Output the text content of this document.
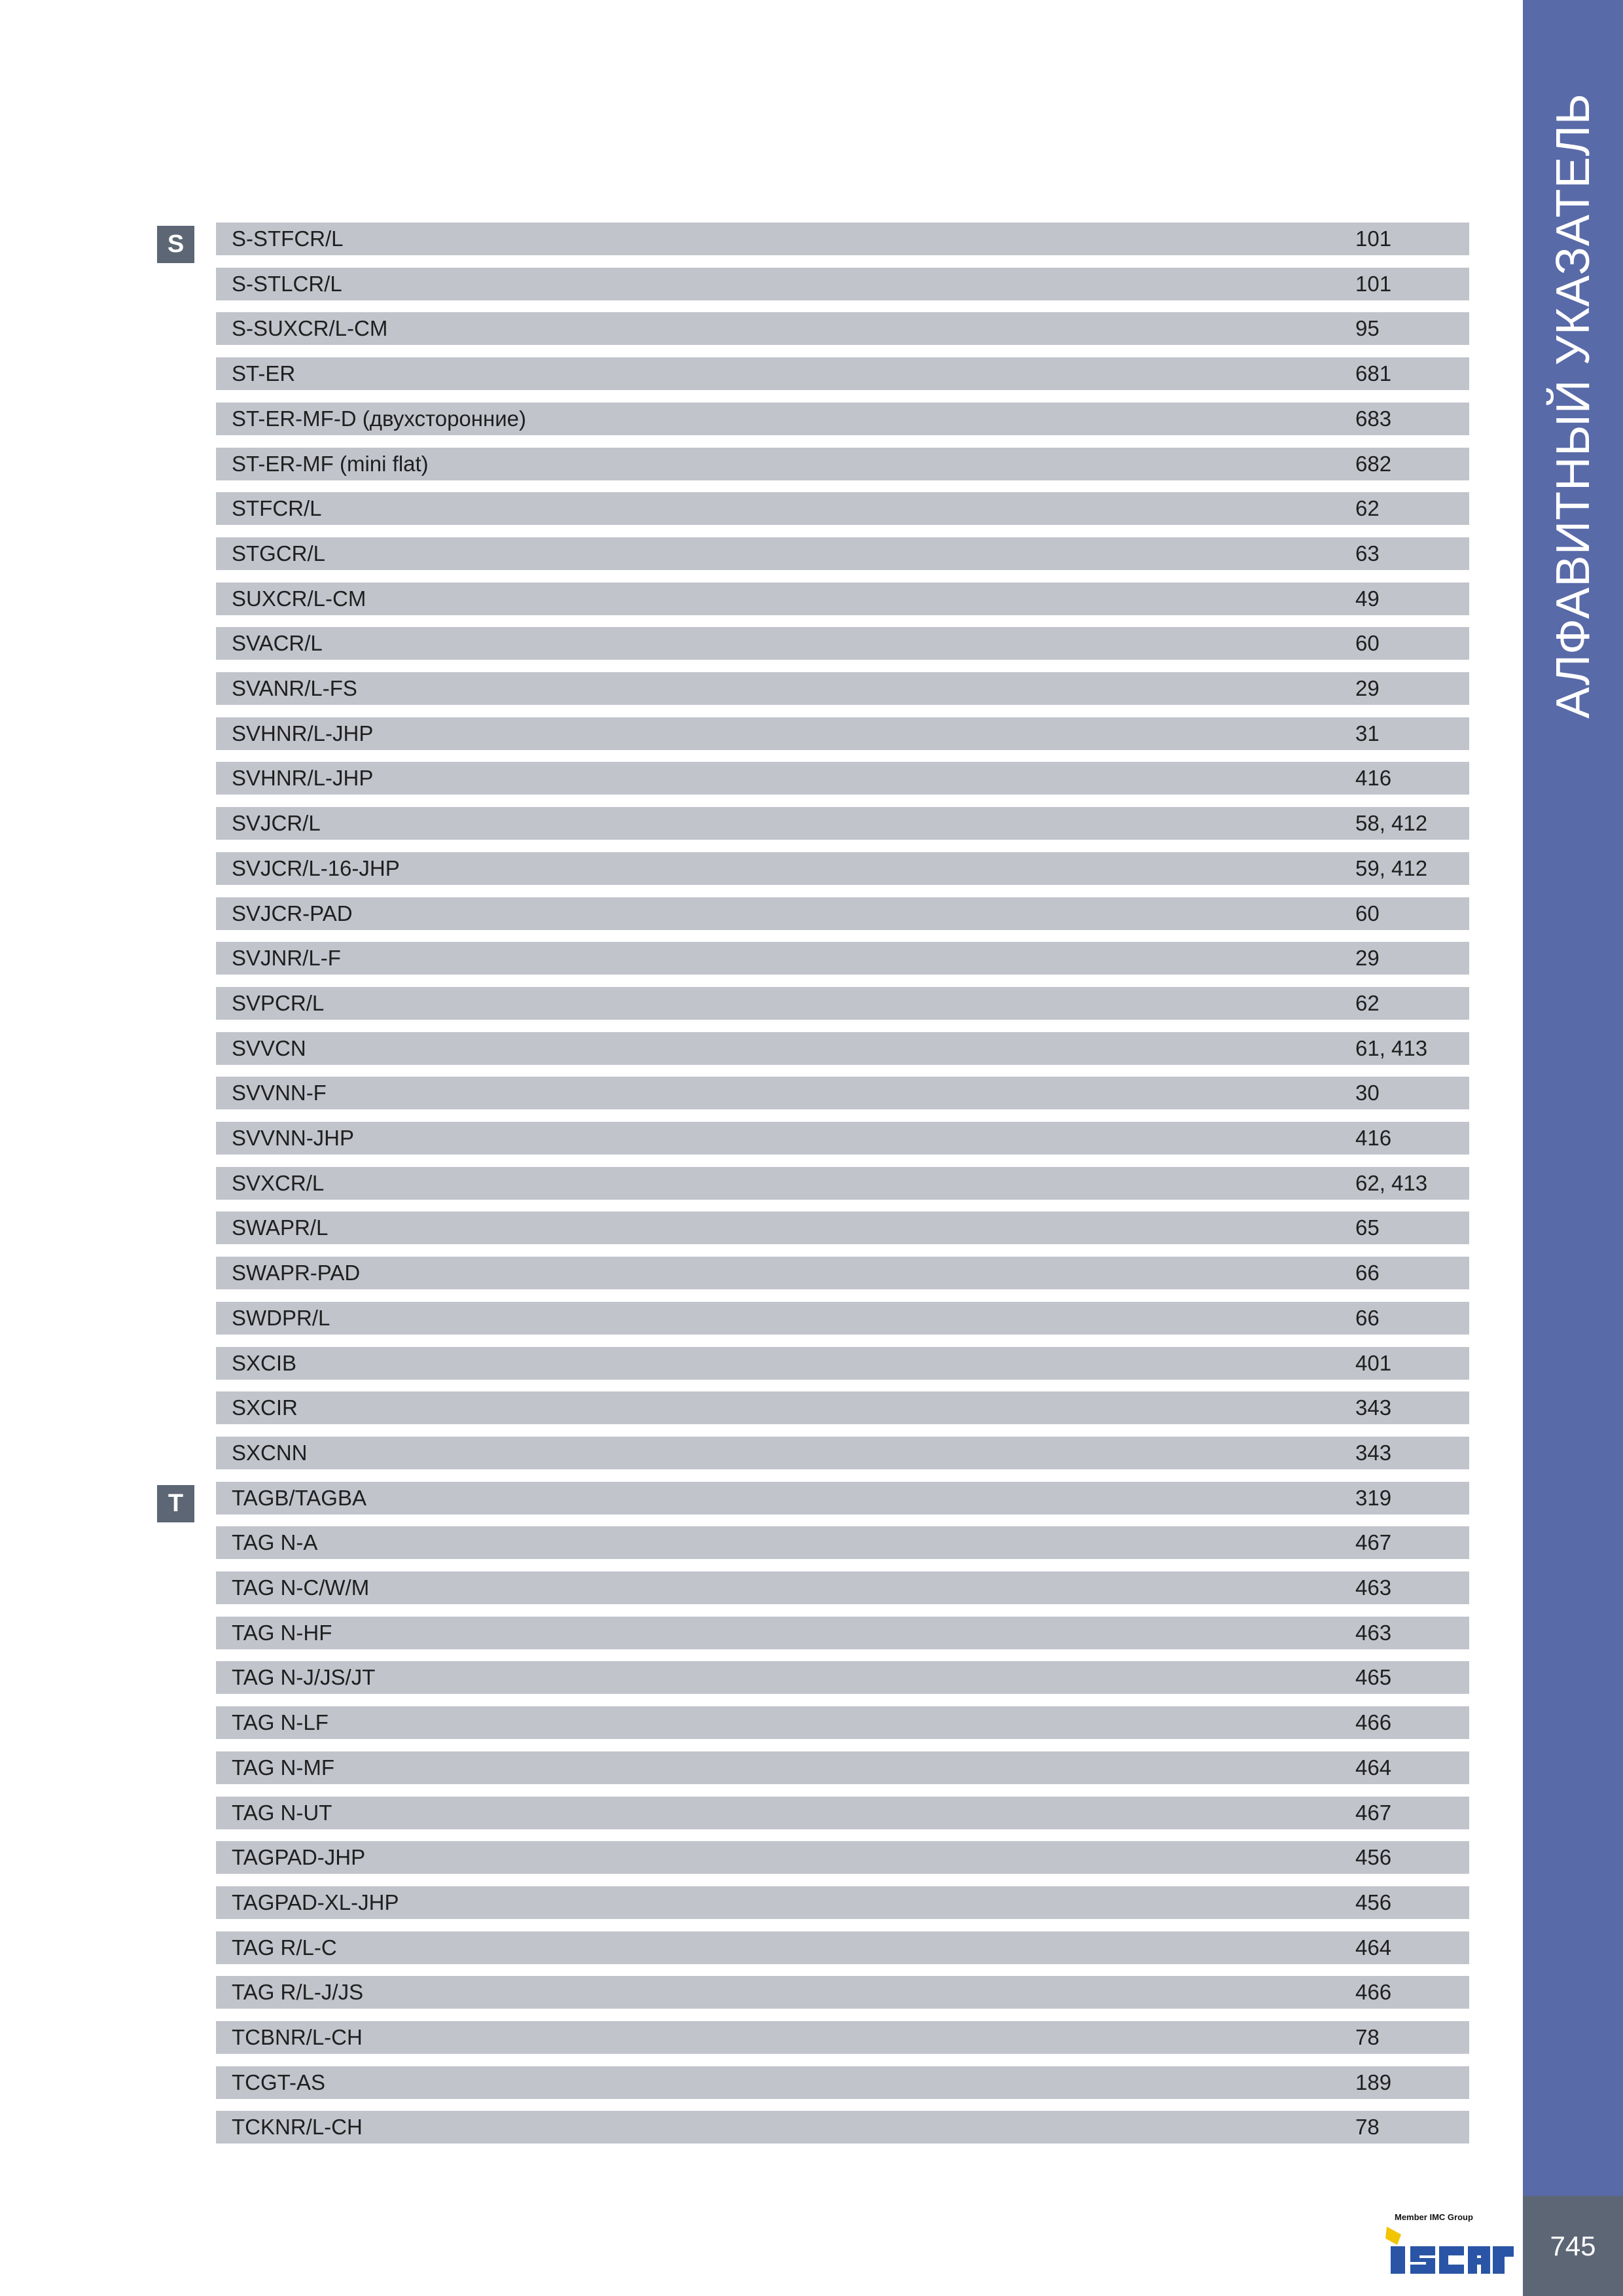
S	S-STFCR/L	101
S-STLCR/L	101
S-SUXCR/L-CM	95
ST-ER	681
ST-ER-MF-D (двухсторонние)	683
ST-ER-MF (mini flat)	682
STFCR/L	62
STGCR/L	63
SUXCR/L-CM	49
SVACR/L	60
SVANR/L-FS	29
SVHNR/L-JHP	31
SVHNR/L-JHP	416
SVJCR/L	58, 412
SVJCR/L-16-JHP	59, 412
SVJCR-PAD	60
SVJNR/L-F	29
SVPCR/L	62
SVVCN	61, 413
SVVNN-F	30
SVVNN-JHP	416
SVXCR/L	62, 413
SWAPR/L	65
SWAPR-PAD	66
SWDPR/L	66
SXCIB	401
SXCIR	343
SXCNN	343
T	TAGB/TAGBA	319
TAG N-A	467
TAG N-C/W/M	463
TAG N-HF	463
TAG N-J/JS/JT	465
TAG N-LF	466
TAG N-MF	464
TAG N-UT	467
TAGPAD-JHP	456
TAGPAD-XL-JHP	456
TAG R/L-C	464
TAG R/L-J/JS	466
TCBNR/L-CH	78
TCGT-AS	189
TCKNR/L-CH	78
АЛФАВИТНЫЙ УКАЗАТЕЛЬ
745
Member IMC Group
